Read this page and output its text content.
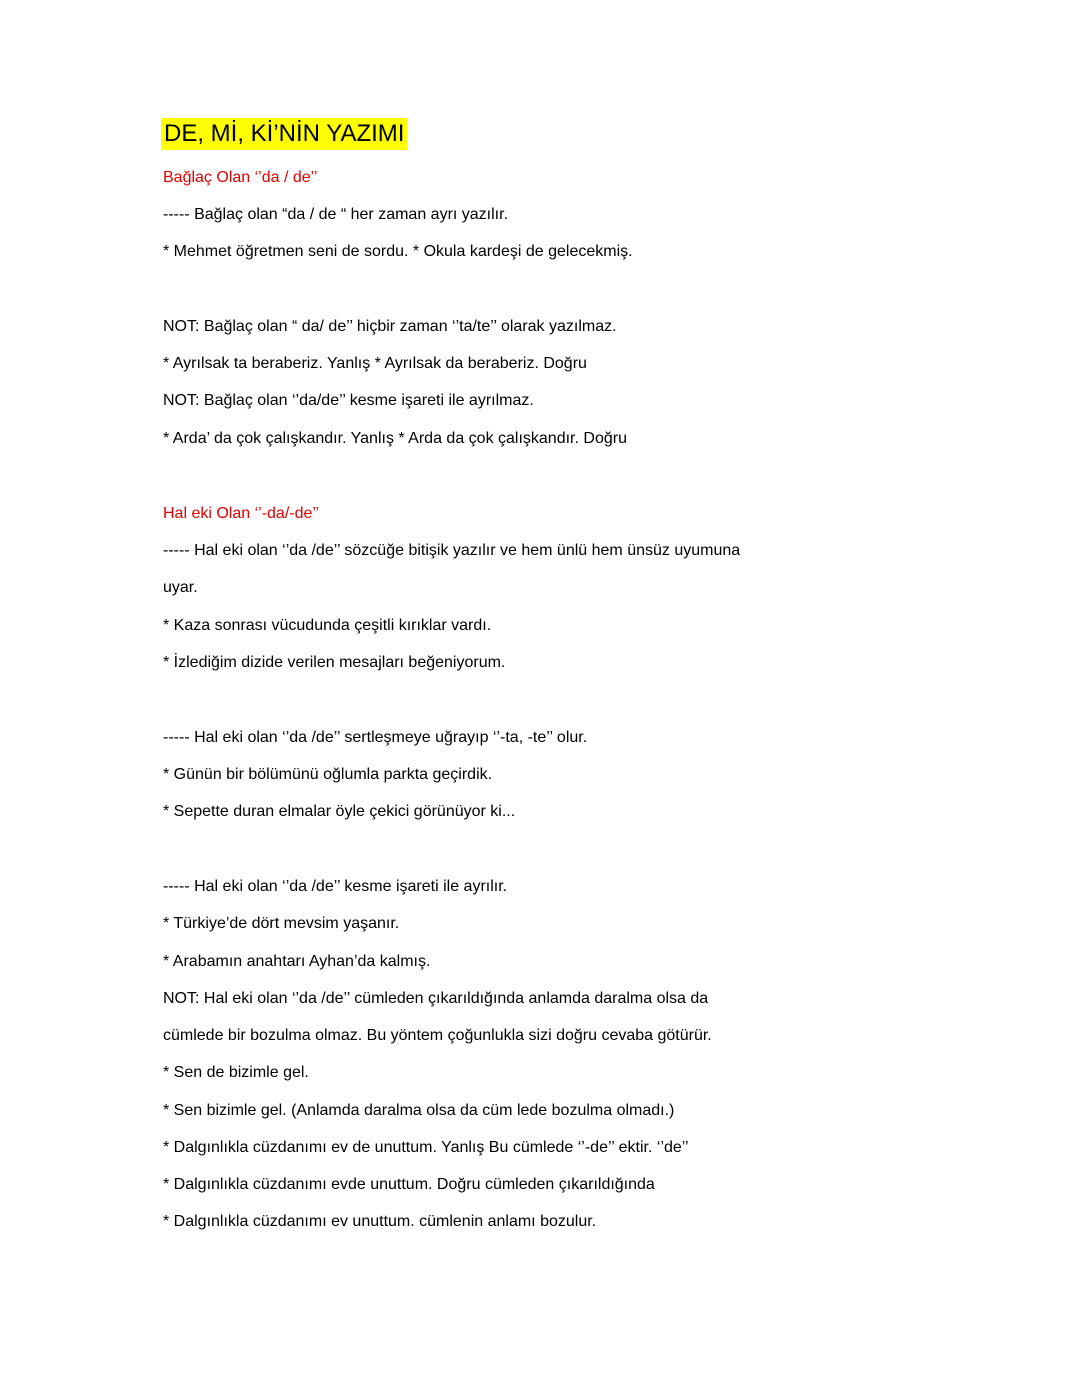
DE, Mİ, Kİ’NİN YAZIMI

Bağlaç Olan ‘’da / de’’

----- Bağlaç olan “da / de “ her zaman ayrı yazılır.

* Mehmet öğretmen seni de sordu. * Okula kardeşi de gelecekmiş.

NOT: Bağlaç olan “ da/ de’’ hiçbir zaman ‘’ta/te’’ olarak yazılmaz.

* Ayrılsak ta beraberiz. Yanlış * Ayrılsak da beraberiz. Doğru

NOT: Bağlaç olan ‘’da/de’’ kesme işareti ile ayrılmaz.

* Arda’ da çok çalışkandır. Yanlış * Arda da çok çalışkandır. Doğru

Hal eki Olan ‘’-da/-de’’

----- Hal eki olan ‘’da /de’’ sözcüğe bitişik yazılır ve hem ünlü hem ünsüz uyumuna

uyar.

* Kaza sonrası vücudunda çeşitli kırıklar vardı.

* İzlediğim dizide verilen mesajları beğeniyorum.

----- Hal eki olan ‘’da /de’’ sertleşmeye uğrayıp ‘’-ta, -te’’ olur.

* Günün bir bölümünü oğlumla parkta geçirdik.

* Sepette duran elmalar öyle çekici görünüyor ki...

----- Hal eki olan ‘’da /de’’ kesme işareti ile ayrılır.

* Türkiye’de dört mevsim yaşanır.

* Arabamın anahtarı Ayhan’da kalmış.

NOT: Hal eki olan ‘’da /de’’ cümleden çıkarıldığında anlamda daralma olsa da

cümlede bir bozulma olmaz. Bu yöntem çoğunlukla sizi doğru cevaba götürür.

* Sen de bizimle gel.

* Sen bizimle gel. (Anlamda daralma olsa da cüm lede bozulma olmadı.)

* Dalgınlıkla cüzdanımı ev de unuttum. Yanlış Bu cümlede ‘’-de’’ ektir. ‘’de’’

* Dalgınlıkla cüzdanımı evde unuttum. Doğru cümleden çıkarıldığında

* Dalgınlıkla cüzdanımı ev unuttum. cümlenin anlamı bozulur.
